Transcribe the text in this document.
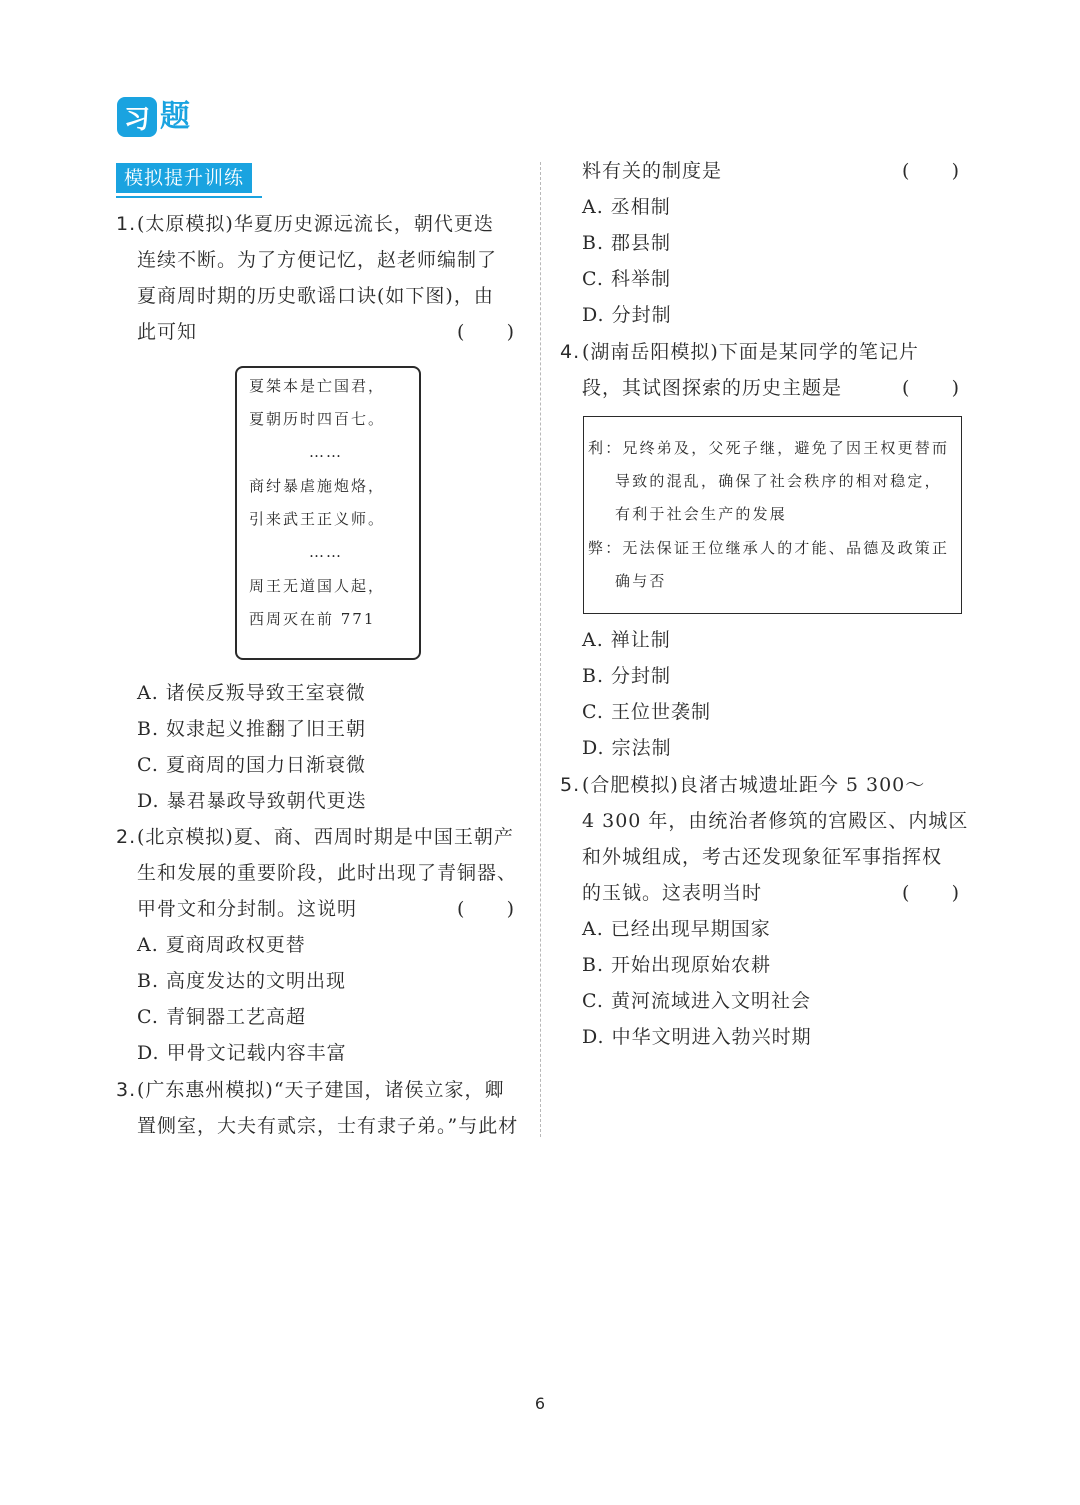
习 题
模拟提升训练
1. (太原模拟)华夏历史源远流长，朝代更迭
连续不断。为了方便记忆，赵老师编制了
夏商周时期的历史歌谣口诀(如下图)，由
此可知	(     )
夏桀本是亡国君，
夏朝历时四百七。
……
商纣暴虐施炮烙，
引来武王正义师。
……
周王无道国人起，
西周灭在前 771
A. 诸侯反叛导致王室衰微
B. 奴隶起义推翻了旧王朝
C. 夏商周的国力日渐衰微
D. 暴君暴政导致朝代更迭
2. (北京模拟)夏、商、西周时期是中国王朝产
生和发展的重要阶段，此时出现了青铜器、
甲骨文和分封制。这说明	(     )
A. 夏商周政权更替
B. 高度发达的文明出现
C. 青铜器工艺高超
D. 甲骨文记载内容丰富
3. (广东惠州模拟)“天子建国，诸侯立家，卿
置侧室，大夫有贰宗，士有隶子弟。”与此材
料有关的制度是	(     )
A. 丞相制
B. 郡县制
C. 科举制
D. 分封制
4. (湖南岳阳模拟)下面是某同学的笔记片
段，其试图探索的历史主题是	(     )
利：兄终弟及，父死子继，避免了因王权更替而
导致的混乱，确保了社会秩序的相对稳定，
有利于社会生产的发展
弊：无法保证王位继承人的才能、品德及政策正
确与否
A. 禅让制
B. 分封制
C. 王位世袭制
D. 宗法制
5. (合肥模拟)良渚古城遗址距今 5 300～
4 300 年，由统治者修筑的宫殿区、内城区
和外城组成，考古还发现象征军事指挥权
的玉钺。这表明当时	(     )
A. 已经出现早期国家
B. 开始出现原始农耕
C. 黄河流域进入文明社会
D. 中华文明进入勃兴时期
6
